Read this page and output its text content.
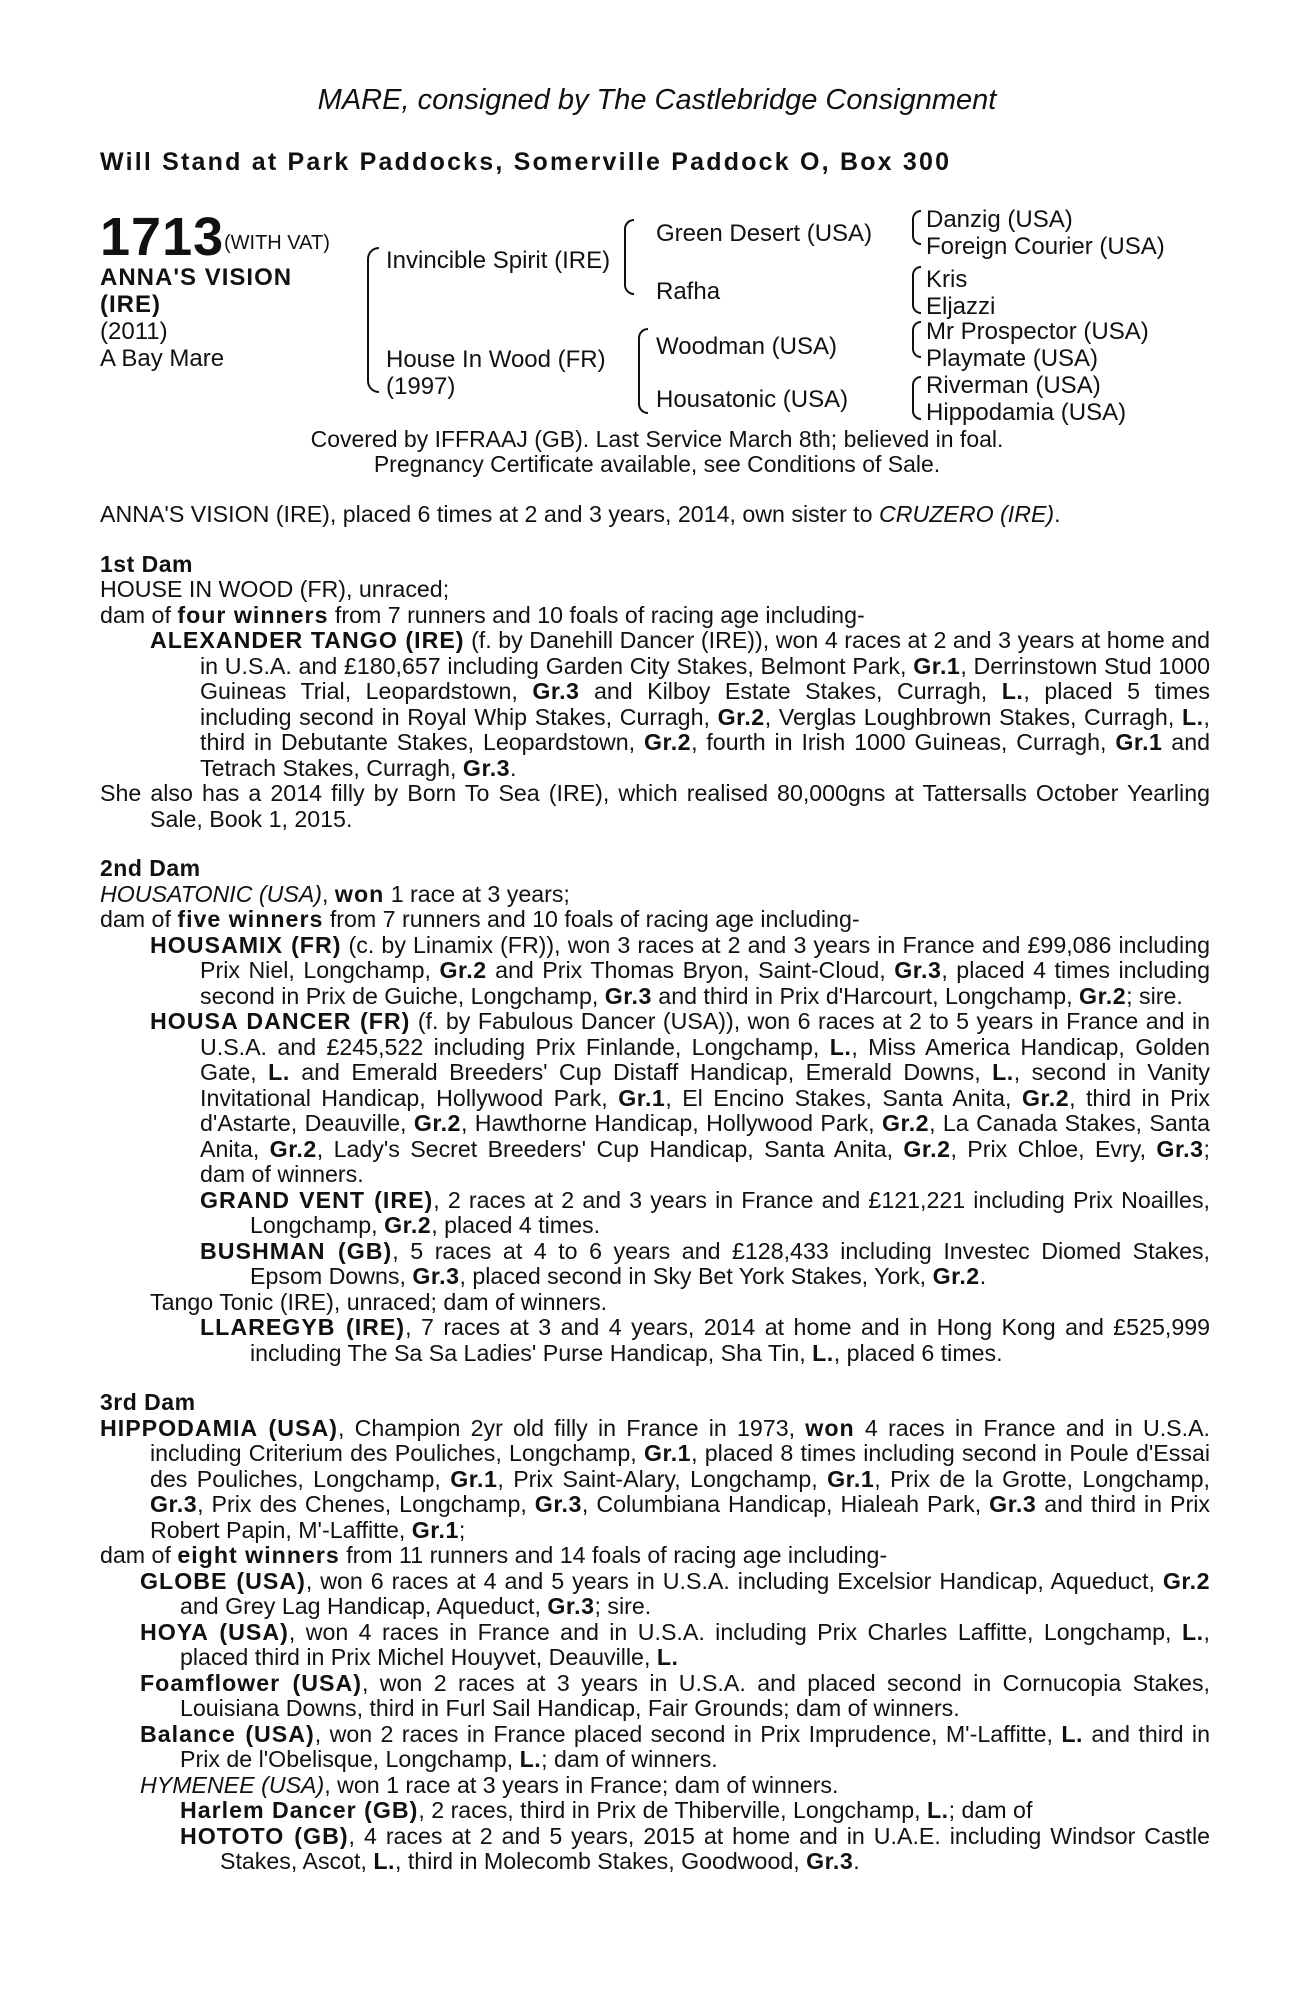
MARE, consigned by The Castlebridge Consignment
Will Stand at Park Paddocks, Somerville Paddock O, Box 300
1713 (WITH VAT)
ANNA'S VISION
(IRE)
(2011)
A Bay Mare
Invincible Spirit (IRE)
House In Wood (FR)
(1997)
Green Desert (USA)
Rafha
Woodman (USA)
Housatonic (USA)
Danzig (USA)
Foreign Courier (USA)
Kris
Eljazzi
Mr Prospector (USA)
Playmate (USA)
Riverman (USA)
Hippodamia (USA)
Covered by IFFRAAJ (GB). Last Service March 8th; believed in foal.
Pregnancy Certificate available, see Conditions of Sale.

ANNA'S VISION (IRE), placed 6 times at 2 and 3 years, 2014, own sister to CRUZERO (IRE).

1st Dam

HOUSE IN WOOD (FR), unraced;

dam of four winners from 7 runners and 10 foals of racing age including-

ALEXANDER TANGO (IRE) (f. by Danehill Dancer (IRE)), won 4 races at 2 and 3 years at home and in U.S.A. and £180,657 including Garden City Stakes, Belmont Park, Gr.1, Derrinstown Stud 1000 Guineas Trial, Leopardstown, Gr.3 and Kilboy Estate Stakes, Curragh, L., placed 5 times including second in Royal Whip Stakes, Curragh, Gr.2, Verglas Loughbrown Stakes, Curragh, L., third in Debutante Stakes, Leopardstown, Gr.2, fourth in Irish 1000 Guineas, Curragh, Gr.1 and Tetrach Stakes, Curragh, Gr.3.

She also has a 2014 filly by Born To Sea (IRE), which realised 80,000gns at Tattersalls October Yearling Sale, Book 1, 2015.

2nd Dam

HOUSATONIC (USA), won 1 race at 3 years;

dam of five winners from 7 runners and 10 foals of racing age including-

HOUSAMIX (FR) (c. by Linamix (FR)), won 3 races at 2 and 3 years in France and £99,086 including Prix Niel, Longchamp, Gr.2 and Prix Thomas Bryon, Saint-Cloud, Gr.3, placed 4 times including second in Prix de Guiche, Longchamp, Gr.3 and third in Prix d'Harcourt, Longchamp, Gr.2; sire.

HOUSA DANCER (FR) (f. by Fabulous Dancer (USA)), won 6 races at 2 to 5 years in France and in U.S.A. and £245,522 including Prix Finlande, Longchamp, L., Miss America Handicap, Golden Gate, L. and Emerald Breeders' Cup Distaff Handicap, Emerald Downs, L., second in Vanity Invitational Handicap, Hollywood Park, Gr.1, El Encino Stakes, Santa Anita, Gr.2, third in Prix d'Astarte, Deauville, Gr.2, Hawthorne Handicap, Hollywood Park, Gr.2, La Canada Stakes, Santa Anita, Gr.2, Lady's Secret Breeders' Cup Handicap, Santa Anita, Gr.2, Prix Chloe, Evry, Gr.3; dam of winners.

GRAND VENT (IRE), 2 races at 2 and 3 years in France and £121,221 including Prix Noailles, Longchamp, Gr.2, placed 4 times.

BUSHMAN (GB), 5 races at 4 to 6 years and £128,433 including Investec Diomed Stakes, Epsom Downs, Gr.3, placed second in Sky Bet York Stakes, York, Gr.2.

Tango Tonic (IRE), unraced; dam of winners.

LLAREGYB (IRE), 7 races at 3 and 4 years, 2014 at home and in Hong Kong and £525,999 including The Sa Sa Ladies' Purse Handicap, Sha Tin, L., placed 6 times.

3rd Dam

HIPPODAMIA (USA), Champion 2yr old filly in France in 1973, won 4 races in France and in U.S.A. including Criterium des Pouliches, Longchamp, Gr.1, placed 8 times including second in Poule d'Essai des Pouliches, Longchamp, Gr.1, Prix Saint-Alary, Longchamp, Gr.1, Prix de la Grotte, Longchamp, Gr.3, Prix des Chenes, Longchamp, Gr.3, Columbiana Handicap, Hialeah Park, Gr.3 and third in Prix Robert Papin, M'-Laffitte, Gr.1;

dam of eight winners from 11 runners and 14 foals of racing age including-

GLOBE (USA), won 6 races at 4 and 5 years in U.S.A. including Excelsior Handicap, Aqueduct, Gr.2 and Grey Lag Handicap, Aqueduct, Gr.3; sire.

HOYA (USA), won 4 races in France and in U.S.A. including Prix Charles Laffitte, Longchamp, L., placed third in Prix Michel Houyvet, Deauville, L.

Foamflower (USA), won 2 races at 3 years in U.S.A. and placed second in Cornucopia Stakes, Louisiana Downs, third in Furl Sail Handicap, Fair Grounds; dam of winners.

Balance (USA), won 2 races in France placed second in Prix Imprudence, M'-Laffitte, L. and third in Prix de l'Obelisque, Longchamp, L.; dam of winners.

HYMENEE (USA), won 1 race at 3 years in France; dam of winners.

Harlem Dancer (GB), 2 races, third in Prix de Thiberville, Longchamp, L.; dam of

HOTOTO (GB), 4 races at 2 and 5 years, 2015 at home and in U.A.E. including Windsor Castle Stakes, Ascot, L., third in Molecomb Stakes, Goodwood, Gr.3.
